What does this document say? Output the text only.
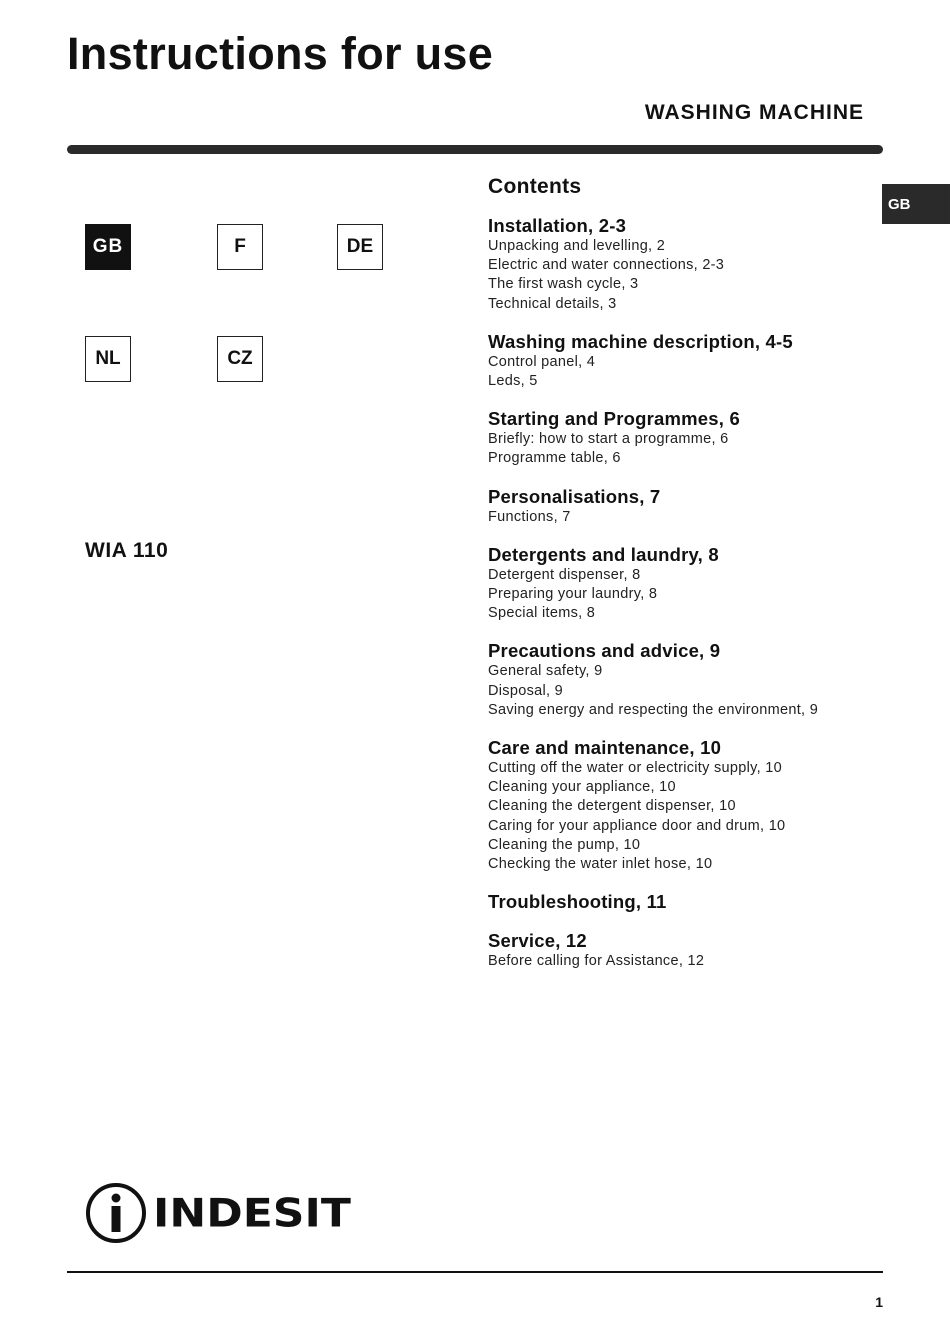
Instructions for use
WASHING MACHINE
GB
GB	F	DE
NL	CZ
WIA 110
Contents
Installation, 2-3
Unpacking and levelling, 2
Electric and water connections, 2-3
The first wash cycle, 3
Technical details, 3
Washing machine description, 4-5
Control panel, 4
Leds, 5
Starting and Programmes, 6
Briefly: how to start a programme, 6
Programme table, 6
Personalisations, 7
Functions, 7
Detergents and laundry, 8
Detergent dispenser, 8
Preparing your laundry, 8
Special items, 8
Precautions and advice, 9
General safety, 9
Disposal, 9
Saving energy and respecting the environment, 9
Care and maintenance, 10
Cutting off the water or electricity supply, 10
Cleaning your appliance, 10
Cleaning the detergent dispenser, 10
Caring for your appliance door and drum, 10
Cleaning the pump, 10
Checking the water inlet hose, 10
Troubleshooting, 11
Service, 12
Before calling for Assistance, 12
INDESIT
1
